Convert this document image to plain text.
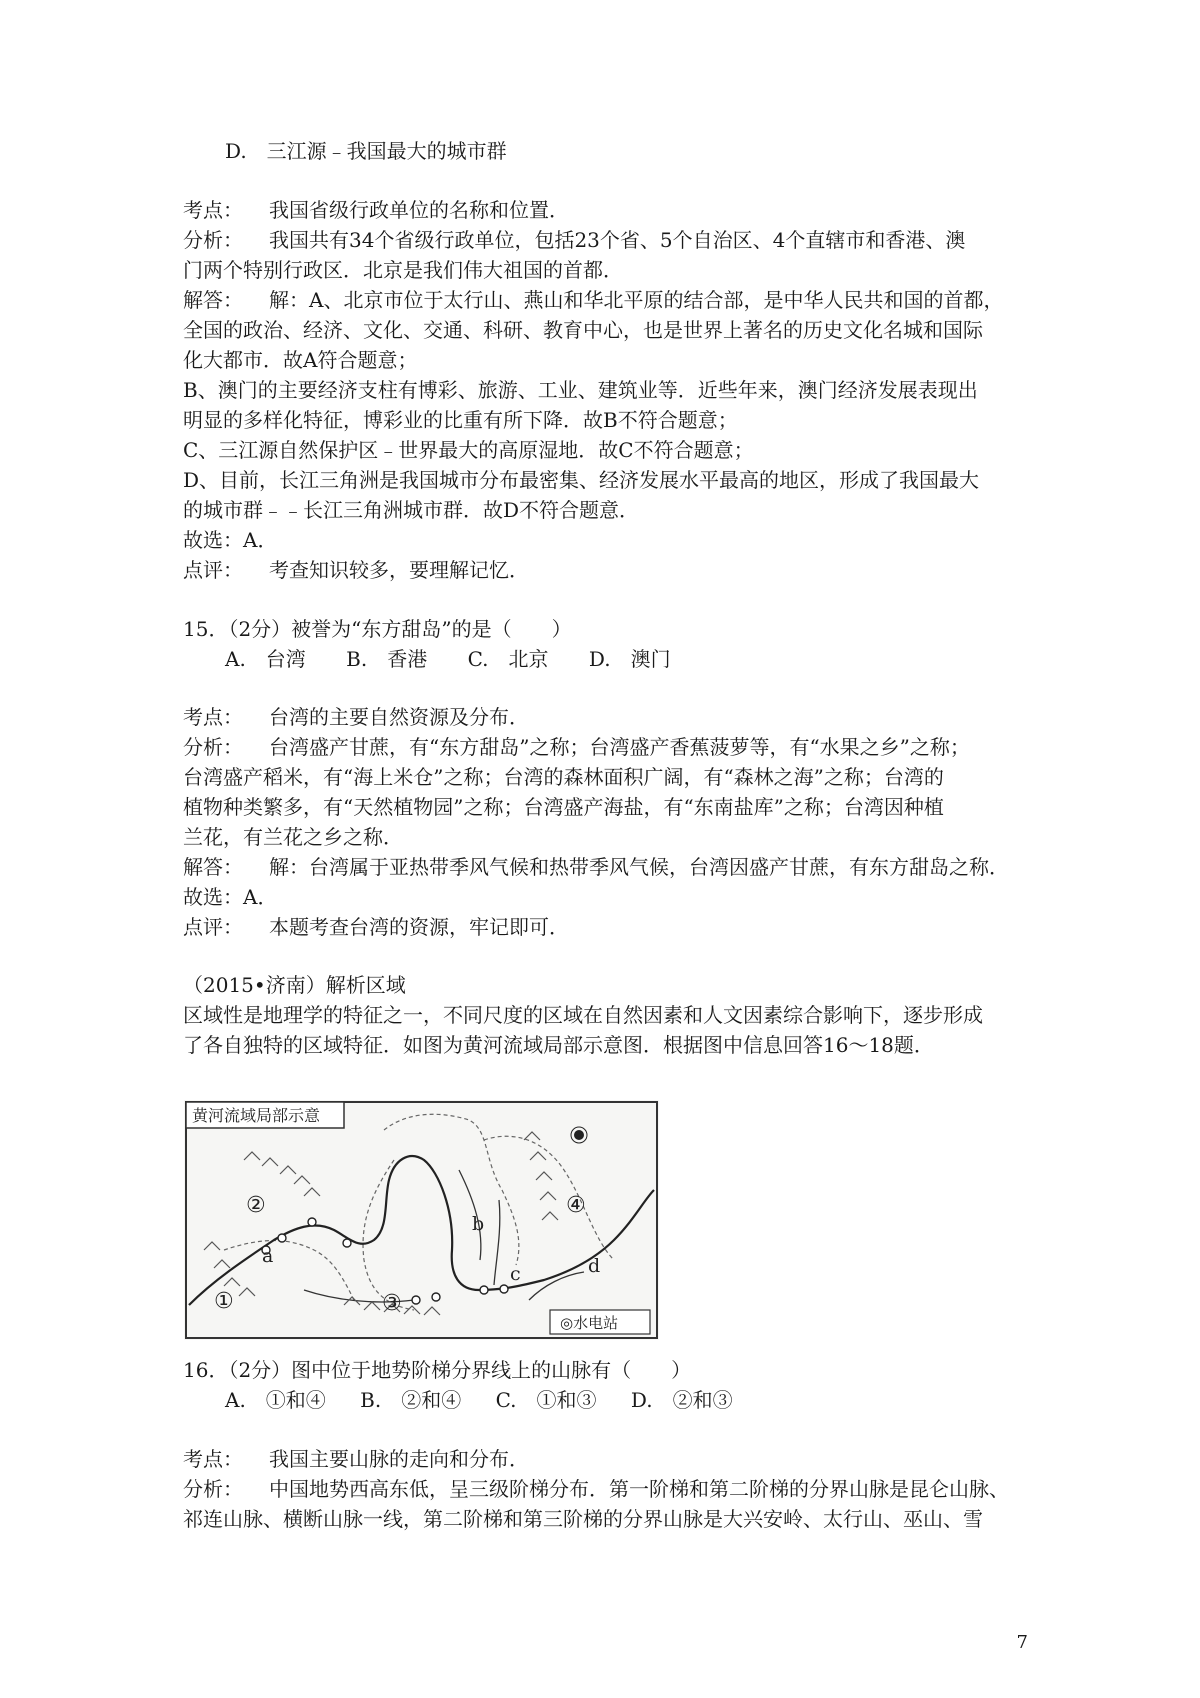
D.　三江源﹣我国最大的城市群
考点： 我国省级行政单位的名称和位置．
分析： 我国共有34个省级行政单位，包括23个省、5个自治区、4个直辖市和香港、澳
门两个特别行政区．北京是我们伟大祖国的首都．
解答： 解：A、北京市位于太行山、燕山和华北平原的结合部，是中华人民共和国的首都，
全国的政治、经济、文化、交通、科研、教育中心，也是世界上著名的历史文化名城和国际
化大都市．故A符合题意；
B、澳门的主要经济支柱有博彩、旅游、工业、建筑业等．近些年来，澳门经济发展表现出
明显的多样化特征，博彩业的比重有所下降．故B不符合题意；
C、三江源自然保护区﹣世界最大的高原湿地．故C不符合题意；
D、目前，长江三角洲是我国城市分布最密集、经济发展水平最高的地区，形成了我国最大
的城市群﹣﹣长江三角洲城市群．故D不符合题意．
故选：A．
点评： 考查知识较多，要理解记忆．
15．（2分）被誉为“东方甜岛”的是（　　）
A.　台湾 B.　香港 C.　北京 D.　澳门
考点： 台湾的主要自然资源及分布．
分析： 台湾盛产甘蔗，有“东方甜岛”之称；台湾盛产香蕉菠萝等，有“水果之乡”之称；
台湾盛产稻米，有“海上米仓”之称；台湾的森林面积广阔，有“森林之海”之称；台湾的
植物种类繁多，有“天然植物园”之称；台湾盛产海盐，有“东南盐库”之称；台湾因种植
兰花，有兰花之乡之称．
解答： 解：台湾属于亚热带季风气候和热带季风气候，台湾因盛产甘蔗，有东方甜岛之称．
故选：A．
点评： 本题考查台湾的资源，牢记即可．
（2015•济南）解析区域
区域性是地理学的特征之一，不同尺度的区域在自然因素和人文因素综合影响下，逐步形成
了各自独特的区域特征．如图为黄河流域局部示意图．根据图中信息回答16～18题．
黄河流域局部示意
②	④
①	③
a
b
c	d
◎水电站
16．（2分）图中位于地势阶梯分界线上的山脉有（　　）
A.　①和④ B.　②和④ C.　①和③ D.　②和③
考点： 我国主要山脉的走向和分布．
分析： 中国地势西高东低，呈三级阶梯分布．第一阶梯和第二阶梯的分界山脉是昆仑山脉、
祁连山脉、横断山脉一线，第二阶梯和第三阶梯的分界山脉是大兴安岭、太行山、巫山、雪
7
